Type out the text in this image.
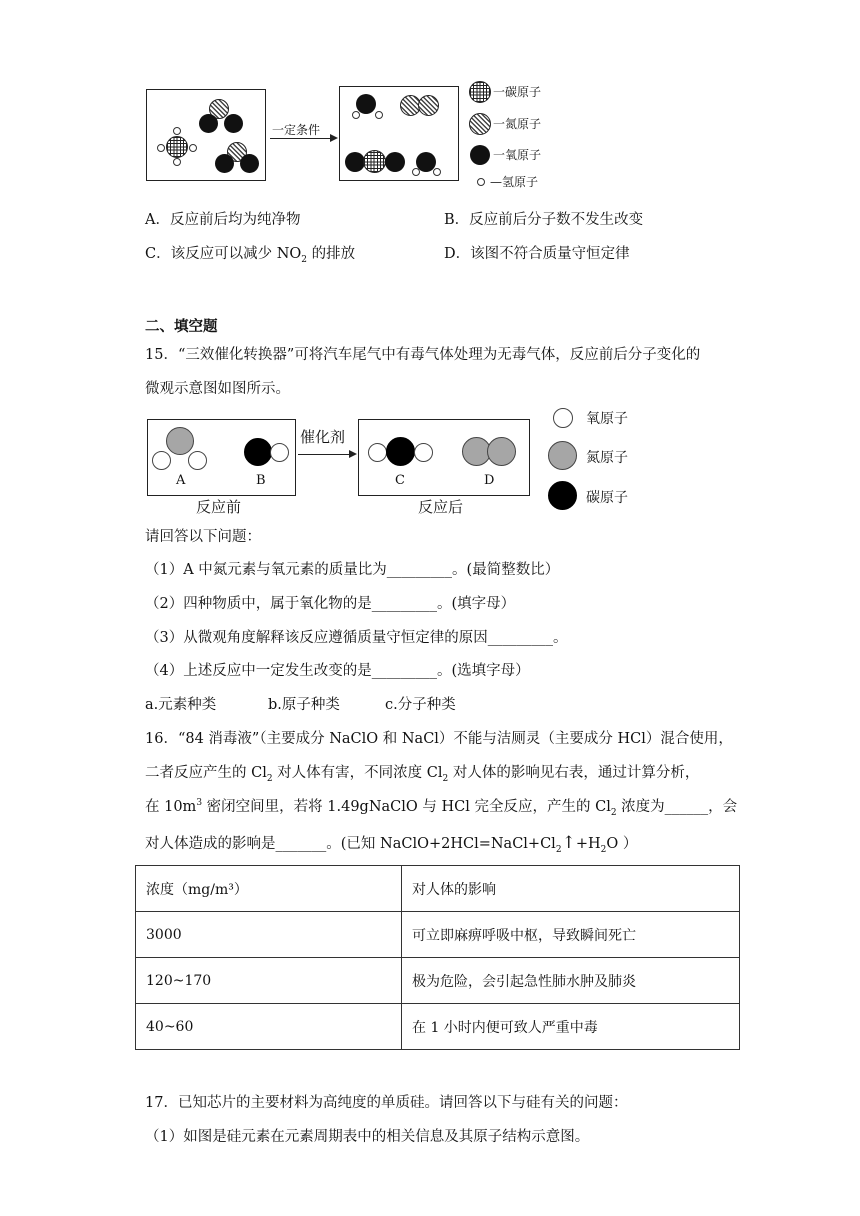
一定条件
一碳原子
一氮原子
一氧原子
—氢原子
A．反应前后均为纯净物	B．反应前后分子数不发生改变
C．该反应可以减少 $NO_2$ 的排放	D．该图不符合质量守恒定律
二、填空题
15．“三效催化转换器”可将汽车尾气中有毒气体处理为无毒气体，反应前后分子变化的
微观示意图如图所示。
A	B
反应前
催化剂
C	D
反应后
氧原子
氮原子
碳原子
请回答以下问题：
（1）A 中氮元素与氧元素的质量比为_________。(最简整数比）
（2）四种物质中，属于氧化物的是_________。(填字母）
（3）从微观角度解释该反应遵循质量守恒定律的原因_________。
（4）上述反应中一定发生改变的是_________。(选填字母）
a.元素种类	b.原子种类	c.分子种类
16．“84 消毒液”（主要成分 NaClO 和 NaCl）不能与洁厕灵（主要成分 HCl）混合使用，
二者反应产生的 $Cl_2$ 对人体有害，不同浓度 $Cl_2$ 对人体的影响见右表，通过计算分析，
在 $10m^3$ 密闭空间里，若将 1.49gNaClO 与 HCl 完全反应，产生的 $Cl_2$ 浓度为______，会
对人体造成的影响是_______。(已知 $NaClO+2HCl=NaCl+Cl_2↑+H_2O$ ）
浓度（mg/m³）	对人体的影响
3000	可立即麻痹呼吸中枢，导致瞬间死亡
120~170	极为危险，会引起急性肺水肿及肺炎
40~60	在 1 小时内便可致人严重中毒
17．已知芯片的主要材料为高纯度的单质硅。请回答以下与硅有关的问题：
（1）如图是硅元素在元素周期表中的相关信息及其原子结构示意图。
